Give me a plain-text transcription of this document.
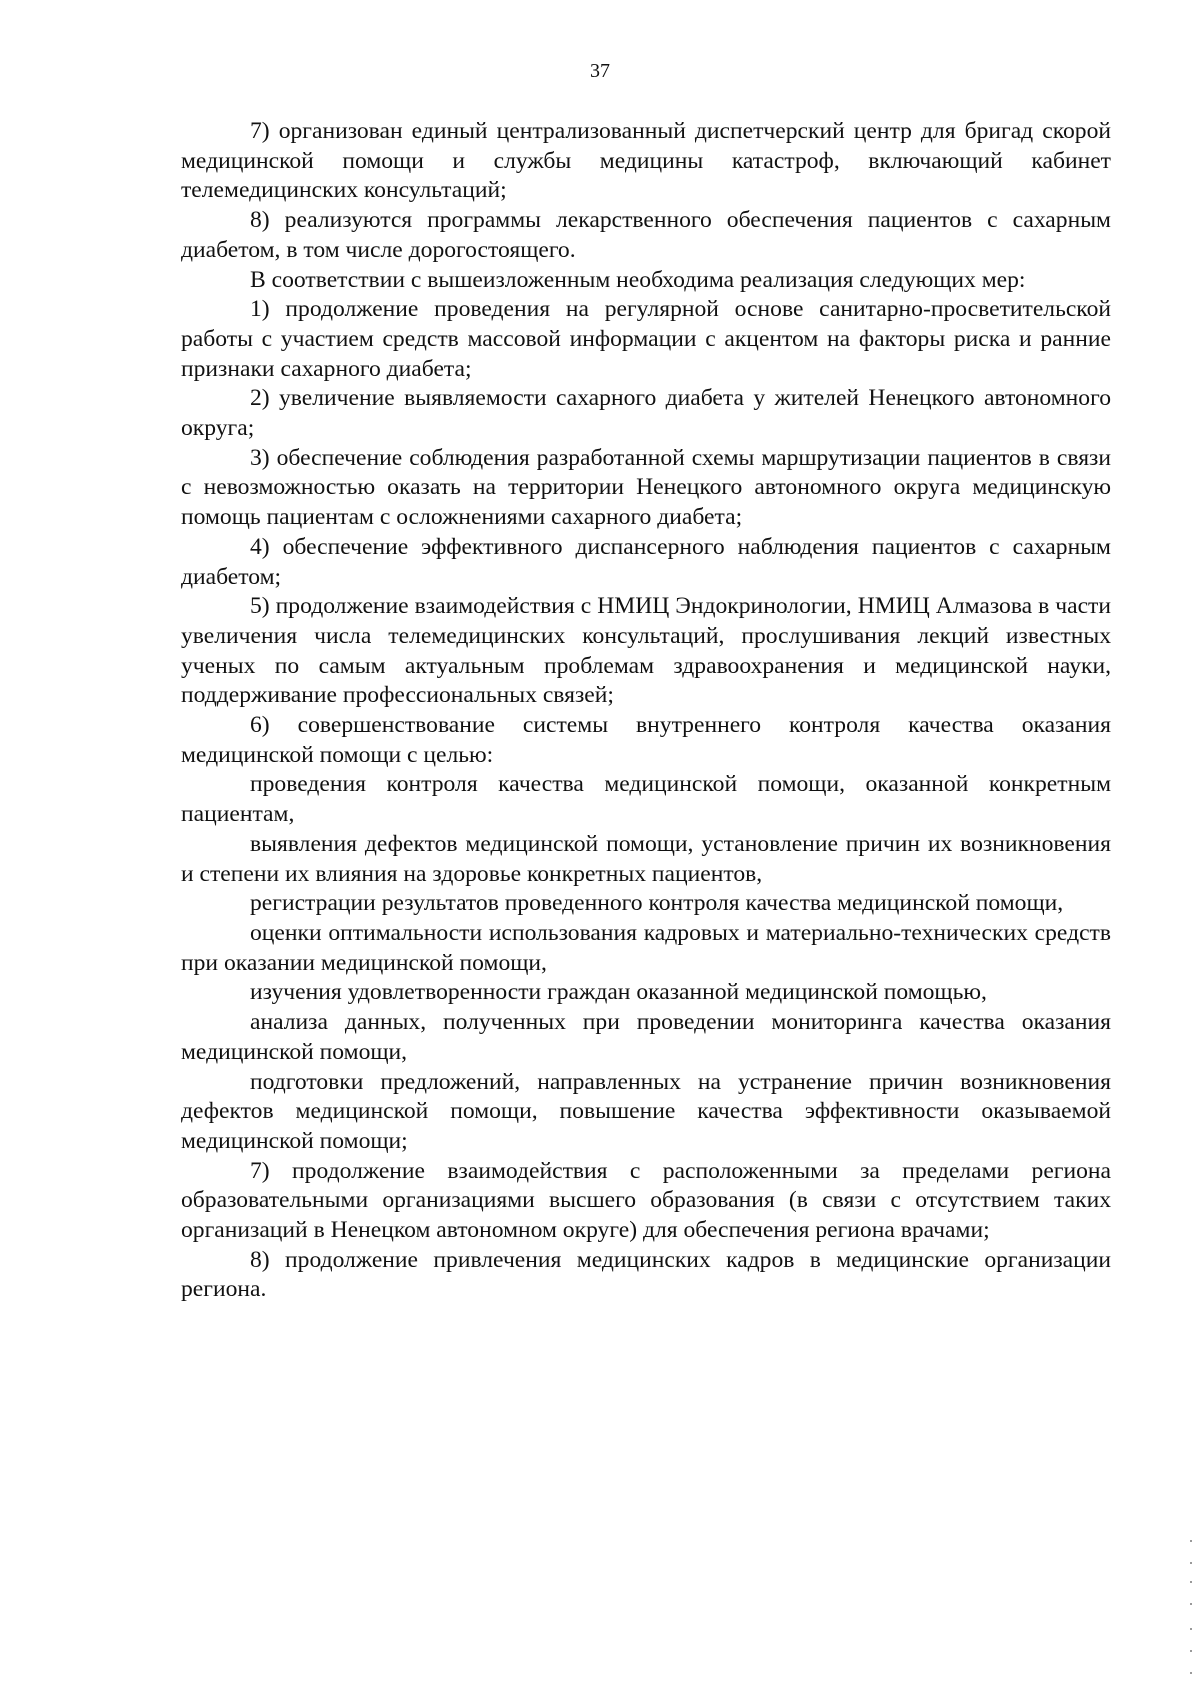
37

7) организован единый централизованный диспетчерский центр для бригад скорой медицинской помощи и службы медицины катастроф, включающий кабинет телемедицинских консультаций;

8) реализуются программы лекарственного обеспечения пациентов с сахарным диабетом, в том числе дорогостоящего.

В соответствии с вышеизложенным необходима реализация следующих мер:

1) продолжение проведения на регулярной основе санитарно-просветительской работы с участием средств массовой информации с акцентом на факторы риска и ранние признаки сахарного диабета;

2) увеличение выявляемости сахарного диабета у жителей Ненецкого автономного округа;

3) обеспечение соблюдения разработанной схемы маршрутизации пациентов в связи с невозможностью оказать на территории Ненецкого автономного округа медицинскую помощь пациентам с осложнениями сахарного диабета;

4) обеспечение эффективного диспансерного наблюдения пациентов с сахарным диабетом;

5) продолжение взаимодействия с НМИЦ Эндокринологии, НМИЦ Алмазова в части увеличения числа телемедицинских консультаций, прослушивания лекций известных ученых по самым актуальным проблемам здравоохранения и медицинской науки, поддерживание профессиональных связей;

6) совершенствование системы внутреннего контроля качества оказания медицинской помощи с целью:

проведения контроля качества медицинской помощи, оказанной конкретным пациентам,

выявления дефектов медицинской помощи, установление причин их возникновения и степени их влияния на здоровье конкретных пациентов,

регистрации результатов проведенного контроля качества медицинской помощи,

оценки оптимальности использования кадровых и материально-технических средств при оказании медицинской помощи,

изучения удовлетворенности граждан оказанной медицинской помощью,

анализа данных, полученных при проведении мониторинга качества оказания медицинской помощи,

подготовки предложений, направленных на устранение причин возникновения дефектов медицинской помощи, повышение качества эффективности оказываемой медицинской помощи;

7) продолжение взаимодействия с расположенными за пределами региона образовательными организациями высшего образования (в связи с отсутствием таких организаций в Ненецком автономном округе) для обеспечения региона врачами;

8) продолжение привлечения медицинских кадров в медицинские организации региона.
